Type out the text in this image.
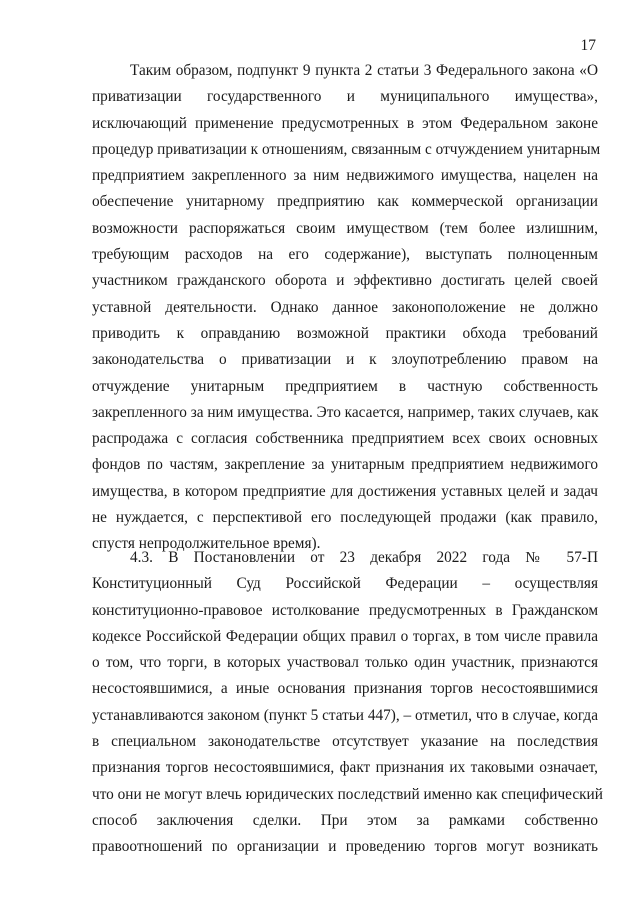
17

Таким образом, подпункт 9 пункта 2 статьи 3 Федерального закона «О
приватизации государственного и муниципального имущества»,
исключающий применение предусмотренных в этом Федеральном законе
процедур приватизации к отношениям, связанным с отчуждением унитарным
предприятием закрепленного за ним недвижимого имущества, нацелен на
обеспечение унитарному предприятию как коммерческой организации
возможности распоряжаться своим имуществом (тем более излишним,
требующим расходов на его содержание), выступать полноценным
участником гражданского оборота и эффективно достигать целей своей
уставной деятельности. Однако данное законоположение не должно
приводить к оправданию возможной практики обхода требований
законодательства о приватизации и к злоупотреблению правом на
отчуждение унитарным предприятием в частную собственность
закрепленного за ним имущества. Это касается, например, таких случаев, как
распродажа с согласия собственника предприятием всех своих основных
фондов по частям, закрепление за унитарным предприятием недвижимого
имущества, в котором предприятие для достижения уставных целей и задач
не нуждается, с перспективой его последующей продажи (как правило,
спустя непродолжительное время).

4.3. В Постановлении от 23 декабря 2022 года № 57-П
Конституционный Суд Российской Федерации – осуществляя
конституционно-правовое истолкование предусмотренных в Гражданском
кодексе Российской Федерации общих правил о торгах, в том числе правила
о том, что торги, в которых участвовал только один участник, признаются
несостоявшимися, а иные основания признания торгов несостоявшимися
устанавливаются законом (пункт 5 статьи 447), – отметил, что в случае, когда
в специальном законодательстве отсутствует указание на последствия
признания торгов несостоявшимися, факт признания их таковыми означает,
что они не могут влечь юридических последствий именно как специфический
способ заключения сделки. При этом за рамками собственно
правоотношений по организации и проведению торгов могут возникать
